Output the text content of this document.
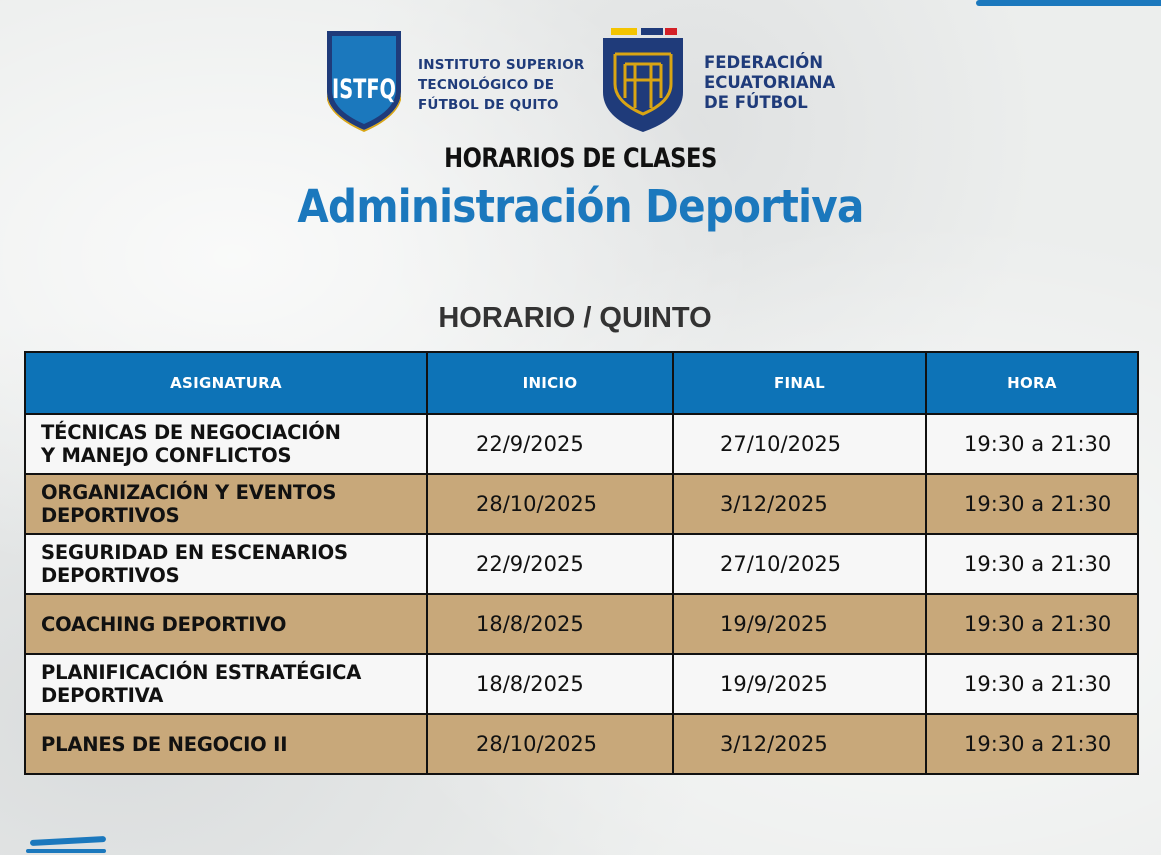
ISTFQ
INSTITUTO SUPERIOR
TECNOLÓGICO DE
FÚTBOL DE QUITO
FEDERACIÓN
ECUATORIANA
DE FÚTBOL
HORARIOS DE CLASES
Administración Deportiva
HORARIO / QUINTO
ASIGNATURA	INICIO	FINAL	HORA
TÉCNICAS DE NEGOCIACIÓN
Y MANEJO CONFLICTOS	22/9/2025	27/10/2025	19:30 a 21:30
ORGANIZACIÓN Y EVENTOS
DEPORTIVOS	28/10/2025	3/12/2025	19:30 a 21:30
SEGURIDAD EN ESCENARIOS
DEPORTIVOS	22/9/2025	27/10/2025	19:30 a 21:30
COACHING DEPORTIVO	18/8/2025	19/9/2025	19:30 a 21:30
PLANIFICACIÓN ESTRATÉGICA
DEPORTIVA	18/8/2025	19/9/2025	19:30 a 21:30
PLANES DE NEGOCIO II	28/10/2025	3/12/2025	19:30 a 21:30
